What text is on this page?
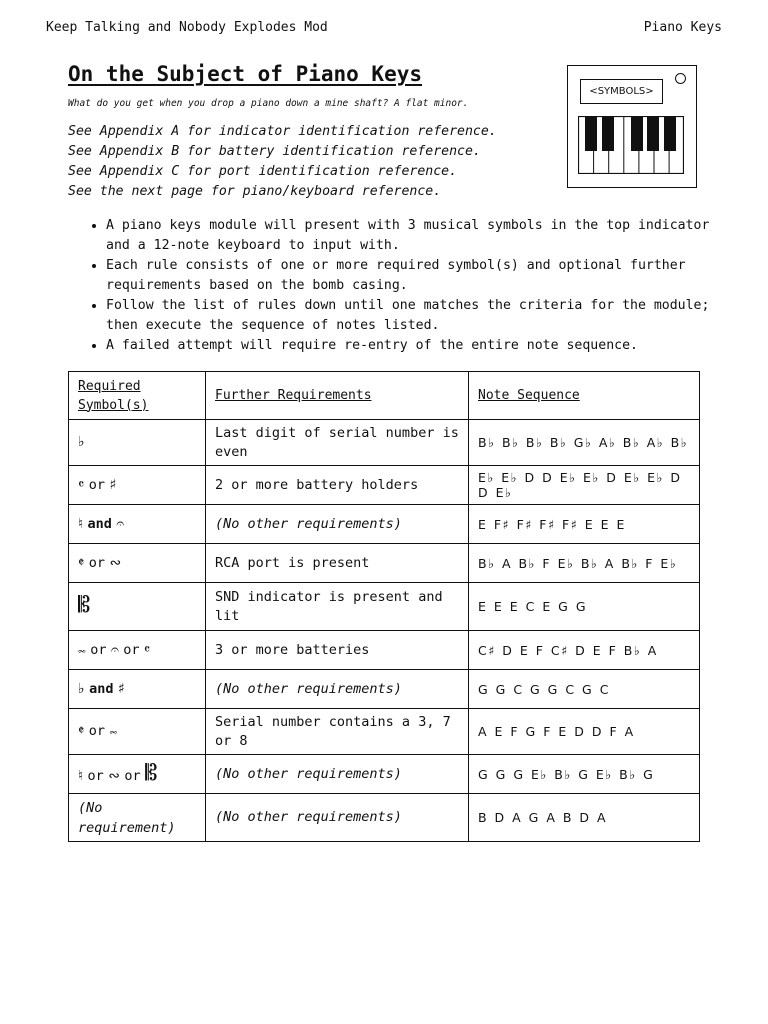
Keep Talking and Nobody Explodes Mod	Piano Keys
On the Subject of Piano Keys
What do you get when you drop a piano down a mine shaft? A flat minor.
See Appendix A for indicator identification reference.
See Appendix B for battery identification reference.
See Appendix C for port identification reference.
See the next page for piano/keyboard reference.
<SYMBOLS>
• A piano keys module will present with 3 musical symbols in the top indicator and a 12-note keyboard to input with.
• Each rule consists of one or more required symbol(s) and optional further requirements based on the bomb casing.
• Follow the list of rules down until one matches the criteria for the module; then execute the sequence of notes listed.
• A failed attempt will require re-entry of the entire note sequence.
Required Symbol(s)	Further Requirements	Note Sequence
♭	Last digit of serial number is even	B♭ B♭ B♭ B♭ G♭ A♭ B♭ A♭ B♭
𝄴 or ♯	2 or more battery holders	E♭ E♭ D D E♭ E♭ D E♭ E♭ D D E♭
♮ and 𝄐	(No other requirements)	E F♯ F♯ F♯ F♯ E E E
𝄵 or ∾	RCA port is present	B♭ A B♭ F E♭ B♭ A B♭ F E♭
𝄡	SND indicator is present and lit	E E E C E G G
𝆗 or 𝄐 or 𝄴	3 or more batteries	C♯ D E F C♯ D E F B♭ A
♭ and ♯	(No other requirements)	G G C G G C G C
𝄵 or 𝆗	Serial number contains a 3, 7 or 8	A E F G F E D D F A
♮ or ∾ or 𝄡	(No other requirements)	G G G E♭ B♭ G E♭ B♭ G
(No requirement)	(No other requirements)	B D A G A B D A
